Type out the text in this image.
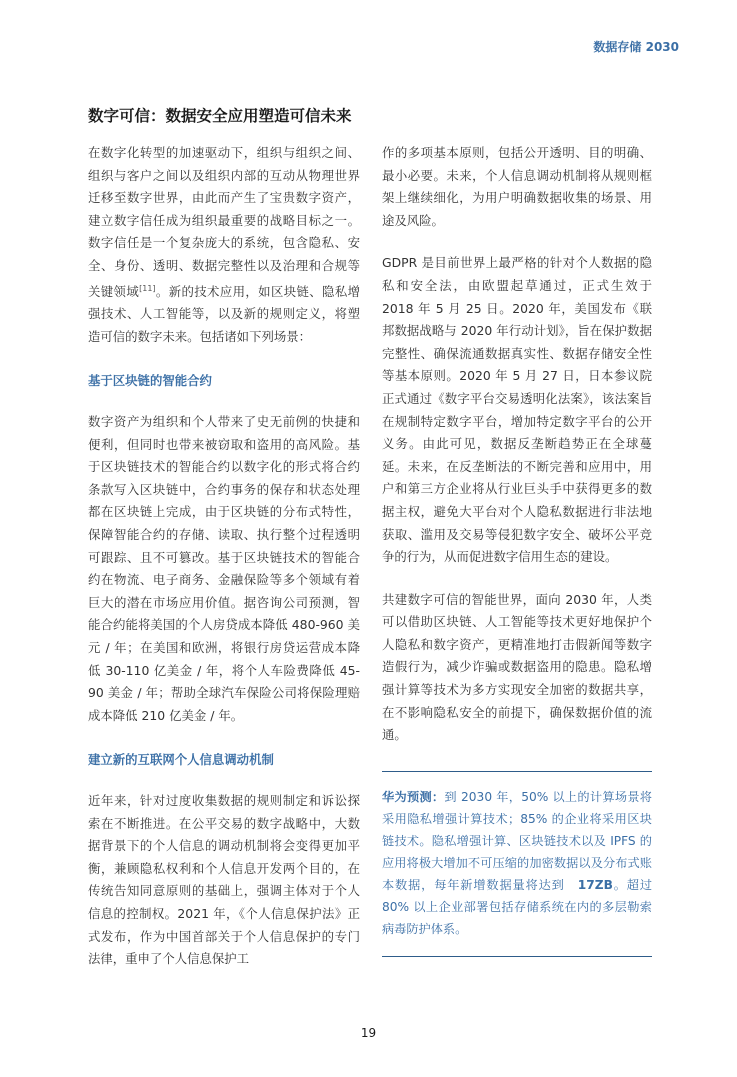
数据存储 2030
数字可信：数据安全应用塑造可信未来

在数字化转型的加速驱动下，组织与组织之间、组织与客户之间以及组织内部的互动从物理世界迁移至数字世界，由此而产生了宝贵数字资产，建立数字信任成为组织最重要的战略目标之一。数字信任是一个复杂庞大的系统，包含隐私、安全、身份、透明、数据完整性以及治理和合规等关键领域[11]。新的技术应用，如区块链、隐私增强技术、人工智能等，以及新的规则定义，将塑造可信的数字未来。包括诸如下列场景：

基于区块链的智能合约

数字资产为组织和个人带来了史无前例的快捷和便利，但同时也带来被窃取和盗用的高风险。基于区块链技术的智能合约以数字化的形式将合约条款写入区块链中，合约事务的保存和状态处理都在区块链上完成，由于区块链的分布式特性，保障智能合约的存储、读取、执行整个过程透明可跟踪、且不可篡改。基于区块链技术的智能合约在物流、电子商务、金融保险等多个领域有着巨大的潜在市场应用价值。据咨询公司预测，智能合约能将美国的个人房贷成本降低 480-960 美元 / 年；在美国和欧洲，将银行房贷运营成本降低 30-110 亿美金 / 年，将个人车险费降低 45-90 美金 / 年；帮助全球汽车保险公司将保险理赔成本降低 210 亿美金 / 年。

建立新的互联网个人信息调动机制

近年来，针对过度收集数据的规则制定和诉讼探索在不断推进。在公平交易的数字战略中，大数据背景下的个人信息的调动机制将会变得更加平衡，兼顾隐私权利和个人信息开发两个目的，在传统告知同意原则的基础上，强调主体对于个人信息的控制权。2021 年，《个人信息保护法》正式发布，作为中国首部关于个人信息保护的专门法律，重申了个人信息保护工

作的多项基本原则，包括公开透明、目的明确、最小必要。未来，个人信息调动机制将从规则框架上继续细化，为用户明确数据收集的场景、用途及风险。

GDPR 是目前世界上最严格的针对个人数据的隐私和安全法，由欧盟起草通过，正式生效于 2018 年 5 月 25 日。2020 年，美国发布《联邦数据战略与 2020 年行动计划》，旨在保护数据完整性、确保流通数据真实性、数据存储安全性等基本原则。2020 年 5 月 27 日，日本参议院正式通过《数字平台交易透明化法案》，该法案旨在规制特定数字平台，增加特定数字平台的公开义务。由此可见，数据反垄断趋势正在全球蔓延。未来，在反垄断法的不断完善和应用中，用户和第三方企业将从行业巨头手中获得更多的数据主权，避免大平台对个人隐私数据进行非法地获取、滥用及交易等侵犯数字安全、破坏公平竞争的行为，从而促进数字信用生态的建设。

共建数字可信的智能世界，面向 2030 年，人类可以借助区块链、人工智能等技术更好地保护个人隐私和数字资产，更精准地打击假新闻等数字造假行为，减少诈骗或数据盗用的隐患。隐私增强计算等技术为多方实现安全加密的数据共享，在不影响隐私安全的前提下，确保数据价值的流通。

华为预测：到 2030 年，50% 以上的计算场景将采用隐私增强计算技术；85% 的企业将采用区块链技术。隐私增强计算、区块链技术以及 IPFS 的应用将极大增加不可压缩的加密数据以及分布式账本数据，每年新增数据量将达到　17ZB。超过 80% 以上企业部署包括存储系统在内的多层勒索病毒防护体系。

19
